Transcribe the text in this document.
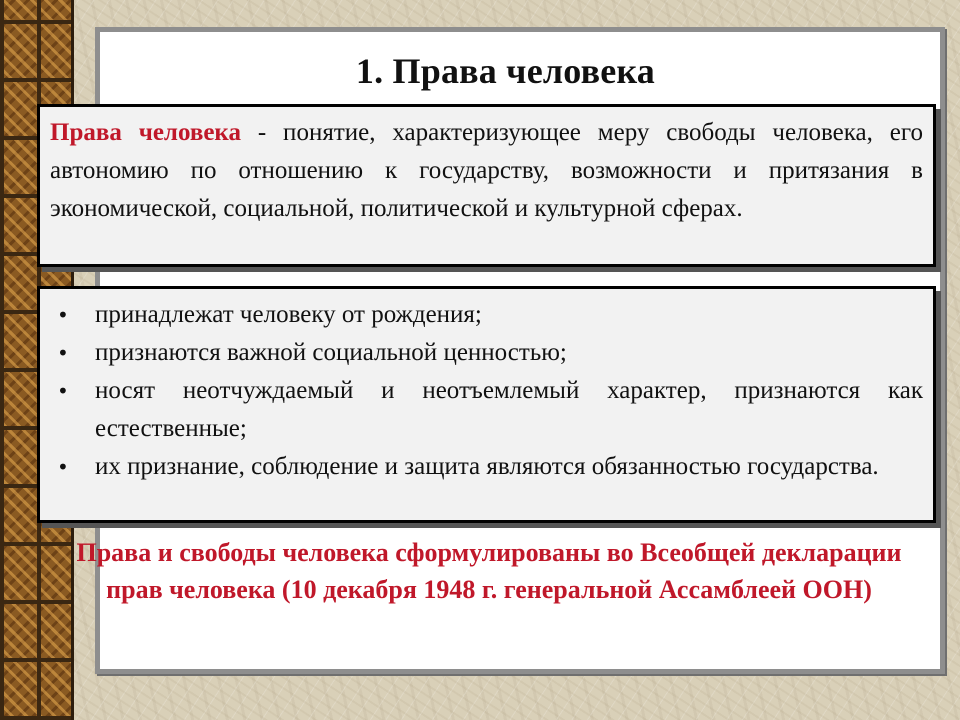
1. Права человека
Права человека - понятие, характеризующее меру свободы человека, его автономию по отношению к государству, возможности и притязания в экономической, социальной, политической и культурной сферах.
• принадлежат человеку от рождения;
• признаются важной социальной ценностью;
• носят неотчуждаемый и неотъемлемый характер, признаются как естественные;
• их признание, соблюдение и защита являются обязанностью государства.

Права и свободы человека сформулированы во Всеобщей декларации прав человека (10 декабря 1948 г. генеральной Ассамблеей ООН)
